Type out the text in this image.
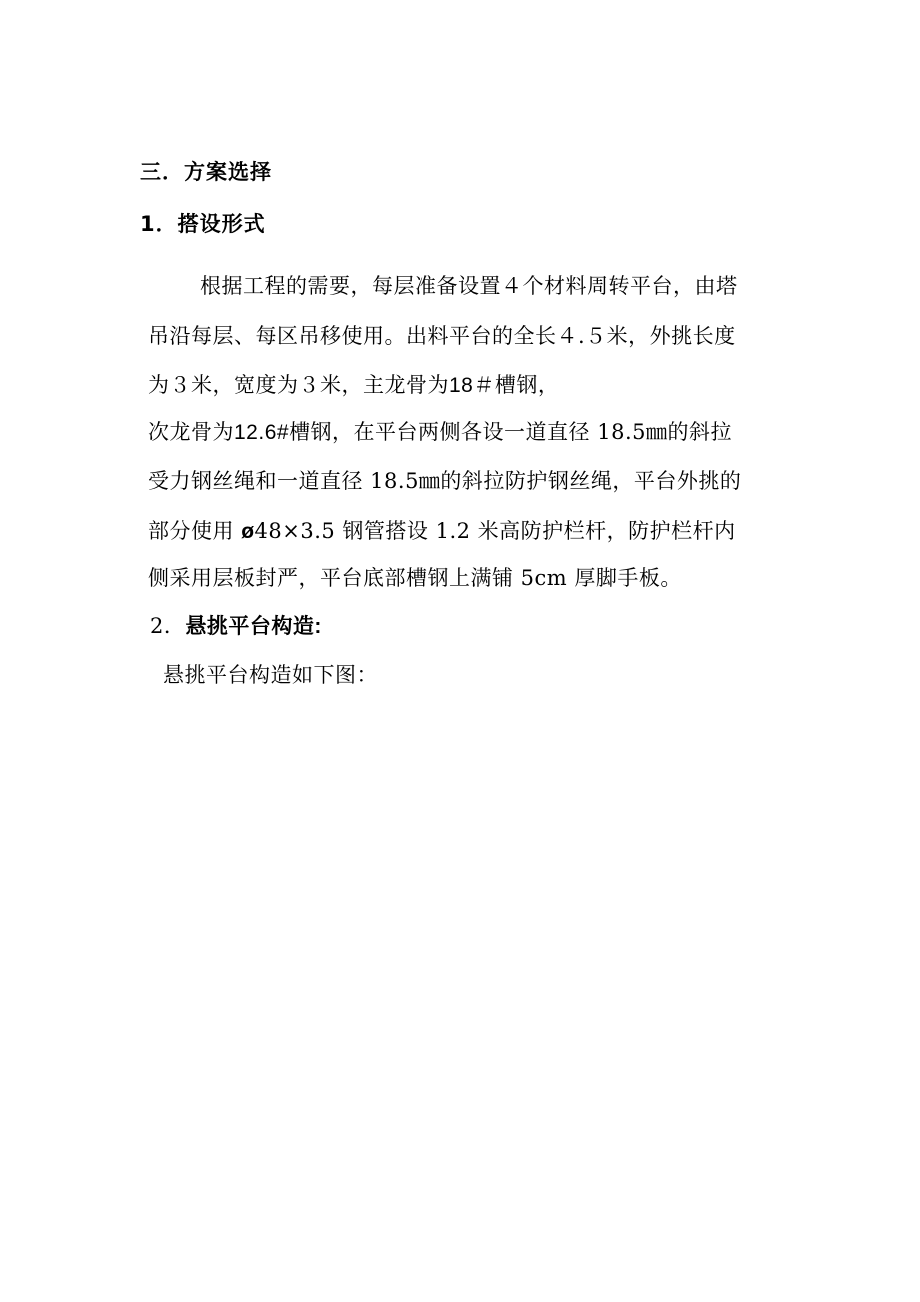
三．方案选择
1．搭设形式
根据工程的需要，每层准备设置４个材料周转平台，由塔
吊沿每层、每区吊移使用。出料平台的全长４.５米，外挑长度
为３米，宽度为３米，主龙骨为18＃槽钢，
次龙骨为12.6#槽钢，在平台两侧各设一道直径 18.5㎜的斜拉
受力钢丝绳和一道直径 18.5㎜的斜拉防护钢丝绳，平台外挑的
部分使用 ø48×3.5 钢管搭设 1.2 米高防护栏杆，防护栏杆内
侧采用层板封严，平台底部槽钢上满铺 5cm 厚脚手板。
2．悬挑平台构造:
悬挑平台构造如下图：
